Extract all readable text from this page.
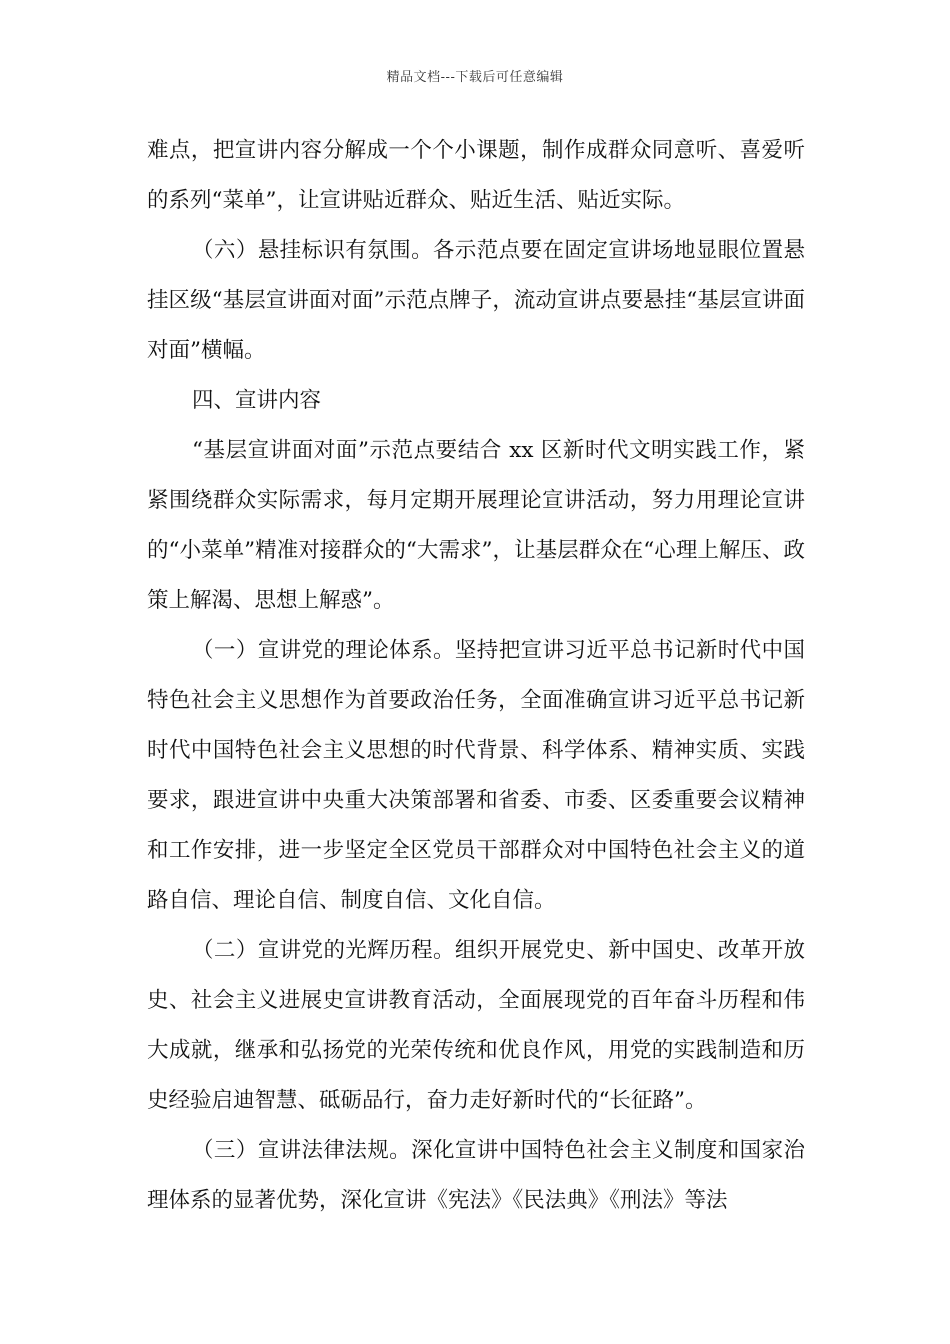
精品文档---下载后可任意编辑

难点，把宣讲内容分解成一个个小课题，制作成群众同意听、喜爱听的系列“菜单”，让宣讲贴近群众、贴近生活、贴近实际。

（六）悬挂标识有氛围。各示范点要在固定宣讲场地显眼位置悬挂区级“基层宣讲面对面”示范点牌子，流动宣讲点要悬挂“基层宣讲面对面”横幅。

四、宣讲内容

“基层宣讲面对面”示范点要结合 xx 区新时代文明实践工作，紧紧围绕群众实际需求，每月定期开展理论宣讲活动，努力用理论宣讲的“小菜单”精准对接群众的“大需求”，让基层群众在“心理上解压、政策上解渴、思想上解惑”。

（一）宣讲党的理论体系。坚持把宣讲习近平总书记新时代中国特色社会主义思想作为首要政治任务，全面准确宣讲习近平总书记新时代中国特色社会主义思想的时代背景、科学体系、精神实质、实践要求，跟进宣讲中央重大决策部署和省委、市委、区委重要会议精神和工作安排，进一步坚定全区党员干部群众对中国特色社会主义的道路自信、理论自信、制度自信、文化自信。

（二）宣讲党的光辉历程。组织开展党史、新中国史、改革开放史、社会主义进展史宣讲教育活动，全面展现党的百年奋斗历程和伟大成就，继承和弘扬党的光荣传统和优良作风，用党的实践制造和历史经验启迪智慧、砥砺品行，奋力走好新时代的“长征路”。

（三）宣讲法律法规。深化宣讲中国特色社会主义制度和国家治理体系的显著优势，深化宣讲《宪法》《民法典》《刑法》等法
